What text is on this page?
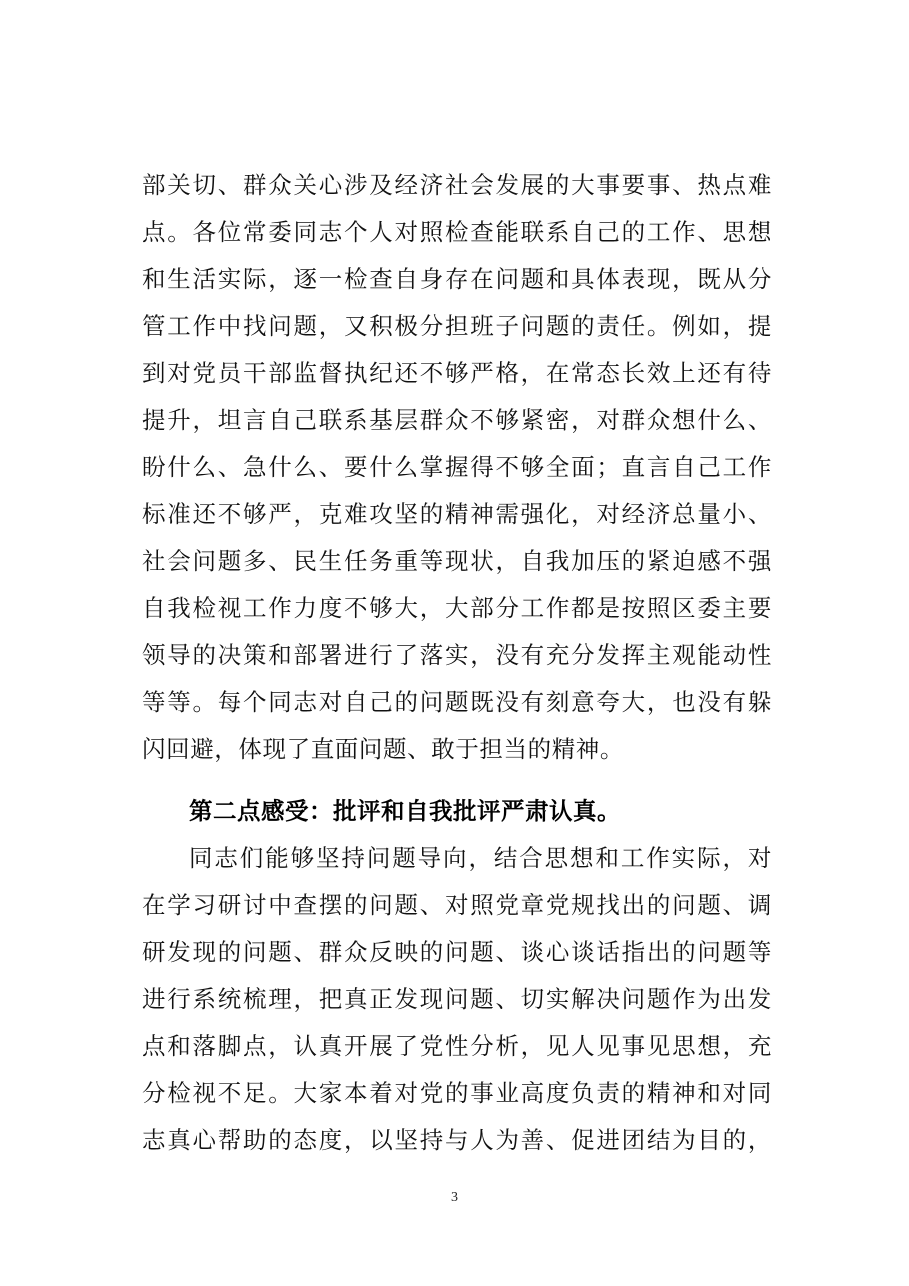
部关切、群众关心涉及经济社会发展的大事要事、热点难
点。各位常委同志个人对照检查能联系自己的工作、思想
和生活实际，逐一检查自身存在问题和具体表现，既从分
管工作中找问题，又积极分担班子问题的责任。例如，提
到对党员干部监督执纪还不够严格，在常态长效上还有待
提升，坦言自己联系基层群众不够紧密，对群众想什么、
盼什么、急什么、要什么掌握得不够全面；直言自己工作
标准还不够严，克难攻坚的精神需强化，对经济总量小、
社会问题多、民生任务重等现状，自我加压的紧迫感不强
自我检视工作力度不够大，大部分工作都是按照区委主要
领导的决策和部署进行了落实，没有充分发挥主观能动性
等等。每个同志对自己的问题既没有刻意夸大，也没有躲
闪回避，体现了直面问题、敢于担当的精神。
第二点感受：批评和自我批评严肃认真。
同志们能够坚持问题导向，结合思想和工作实际，对
在学习研讨中查摆的问题、对照党章党规找出的问题、调
研发现的问题、群众反映的问题、谈心谈话指出的问题等
进行系统梳理，把真正发现问题、切实解决问题作为出发
点和落脚点，认真开展了党性分析，见人见事见思想，充
分检视不足。大家本着对党的事业高度负责的精神和对同
志真心帮助的态度，以坚持与人为善、促进团结为目的，
3
